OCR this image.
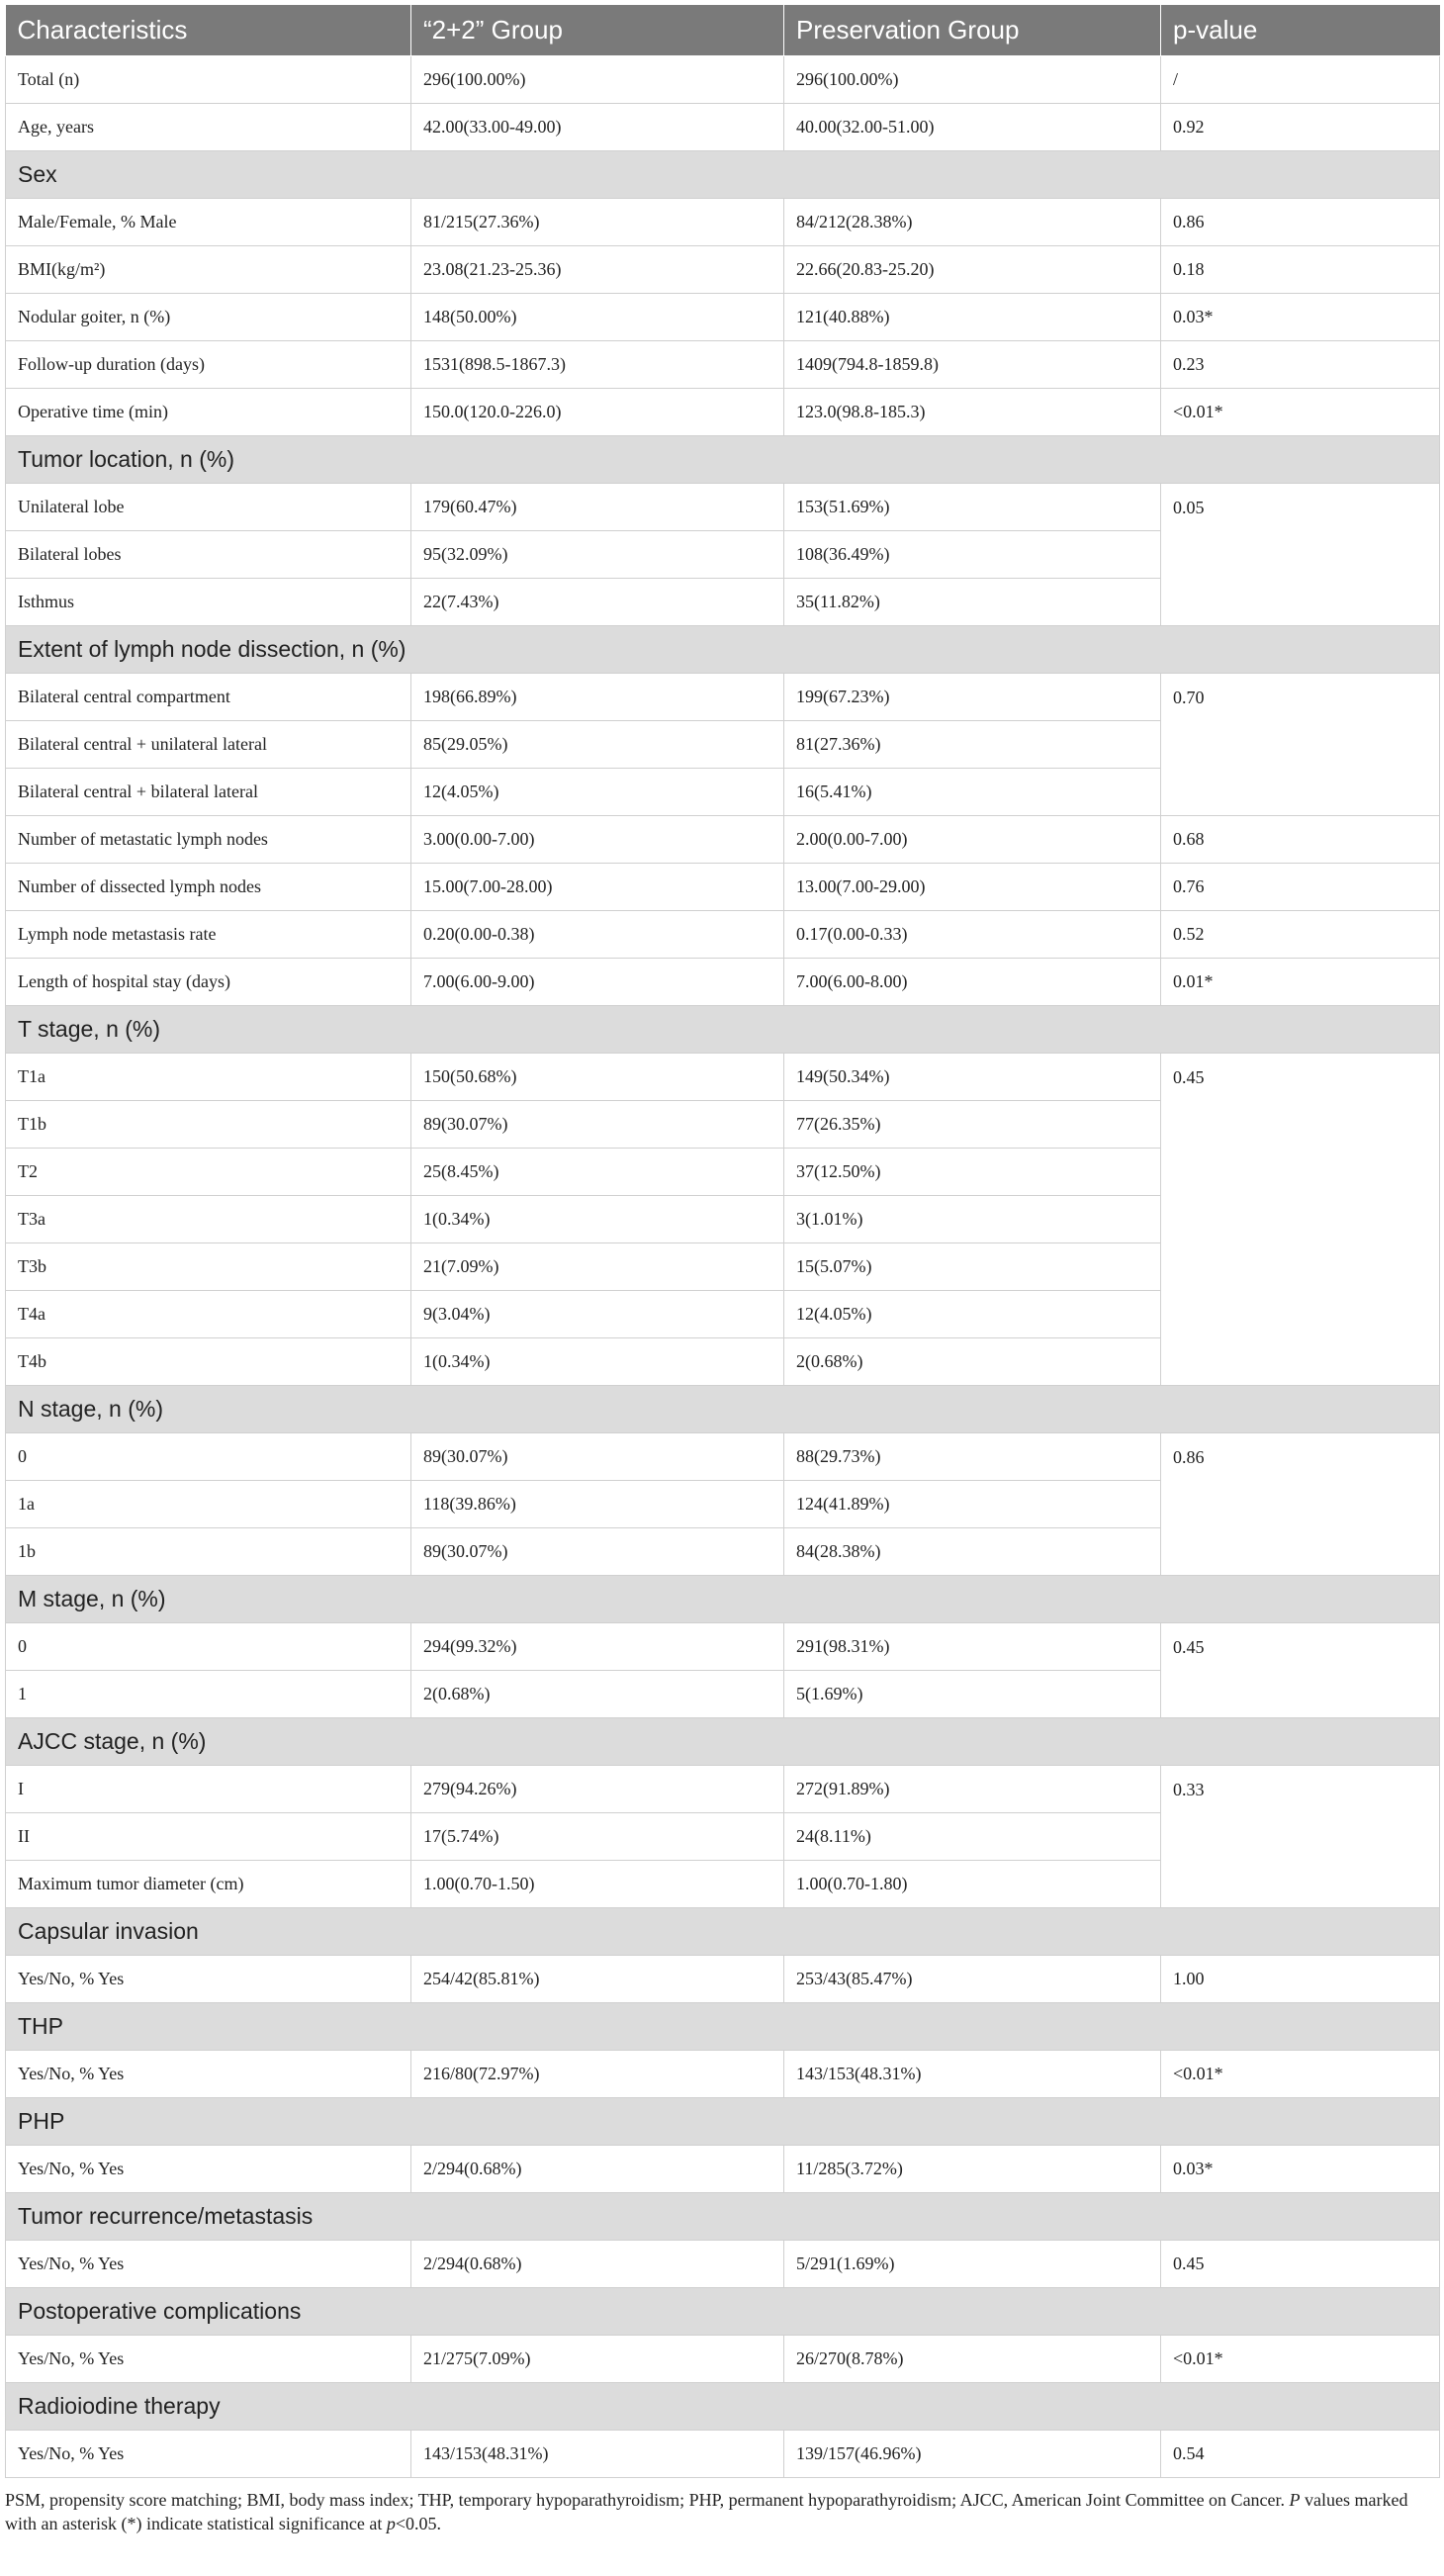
Characteristics	“2+2” Group	Preservation Group	p-value
Total (n)	296(100.00%)	296(100.00%)	/
Age, years	42.00(33.00-49.00)	40.00(32.00-51.00)	0.92
Sex			
Male/Female, % Male	81/215(27.36%)	84/212(28.38%)	0.86
BMI(kg/m²)	23.08(21.23-25.36)	22.66(20.83-25.20)	0.18
Nodular goiter, n (%)	148(50.00%)	121(40.88%)	0.03*
Follow-up duration (days)	1531(898.5-1867.3)	1409(794.8-1859.8)	0.23
Operative time (min)	150.0(120.0-226.0)	123.0(98.8-185.3)	<0.01*
Tumor location, n (%)			
Unilateral lobe	179(60.47%)	153(51.69%)	0.05
Bilateral lobes	95(32.09%)	108(36.49%)	
Isthmus	22(7.43%)	35(11.82%)	
Extent of lymph node dissection, n (%)			
Bilateral central compartment	198(66.89%)	199(67.23%)	0.70
Bilateral central + unilateral lateral	85(29.05%)	81(27.36%)	
Bilateral central + bilateral lateral	12(4.05%)	16(5.41%)	
Number of metastatic lymph nodes	3.00(0.00-7.00)	2.00(0.00-7.00)	0.68
Number of dissected lymph nodes	15.00(7.00-28.00)	13.00(7.00-29.00)	0.76
Lymph node metastasis rate	0.20(0.00-0.38)	0.17(0.00-0.33)	0.52
Length of hospital stay (days)	7.00(6.00-9.00)	7.00(6.00-8.00)	0.01*
T stage, n (%)			
T1a	150(50.68%)	149(50.34%)	0.45
T1b	89(30.07%)	77(26.35%)	
T2	25(8.45%)	37(12.50%)	
T3a	1(0.34%)	3(1.01%)	
T3b	21(7.09%)	15(5.07%)	
T4a	9(3.04%)	12(4.05%)	
T4b	1(0.34%)	2(0.68%)	
N stage, n (%)			
0	89(30.07%)	88(29.73%)	0.86
1a	118(39.86%)	124(41.89%)	
1b	89(30.07%)	84(28.38%)	
M stage, n (%)			
0	294(99.32%)	291(98.31%)	0.45
1	2(0.68%)	5(1.69%)	
AJCC stage, n (%)			
I	279(94.26%)	272(91.89%)	0.33
II	17(5.74%)	24(8.11%)	
Maximum tumor diameter (cm)	1.00(0.70-1.50)	1.00(0.70-1.80)	
Capsular invasion			
Yes/No, % Yes	254/42(85.81%)	253/43(85.47%)	1.00
THP			
Yes/No, % Yes	216/80(72.97%)	143/153(48.31%)	<0.01*
PHP			
Yes/No, % Yes	2/294(0.68%)	11/285(3.72%)	0.03*
Tumor recurrence/metastasis			
Yes/No, % Yes	2/294(0.68%)	5/291(1.69%)	0.45
Postoperative complications			
Yes/No, % Yes	21/275(7.09%)	26/270(8.78%)	<0.01*
Radioiodine therapy			
Yes/No, % Yes	143/153(48.31%)	139/157(46.96%)	0.54
PSM, propensity score matching; BMI, body mass index; THP, temporary hypoparathyroidism; PHP, permanent hypoparathyroidism; AJCC, American Joint Committee on Cancer. P values marked with an asterisk (*) indicate statistical significance at p<0.05.
